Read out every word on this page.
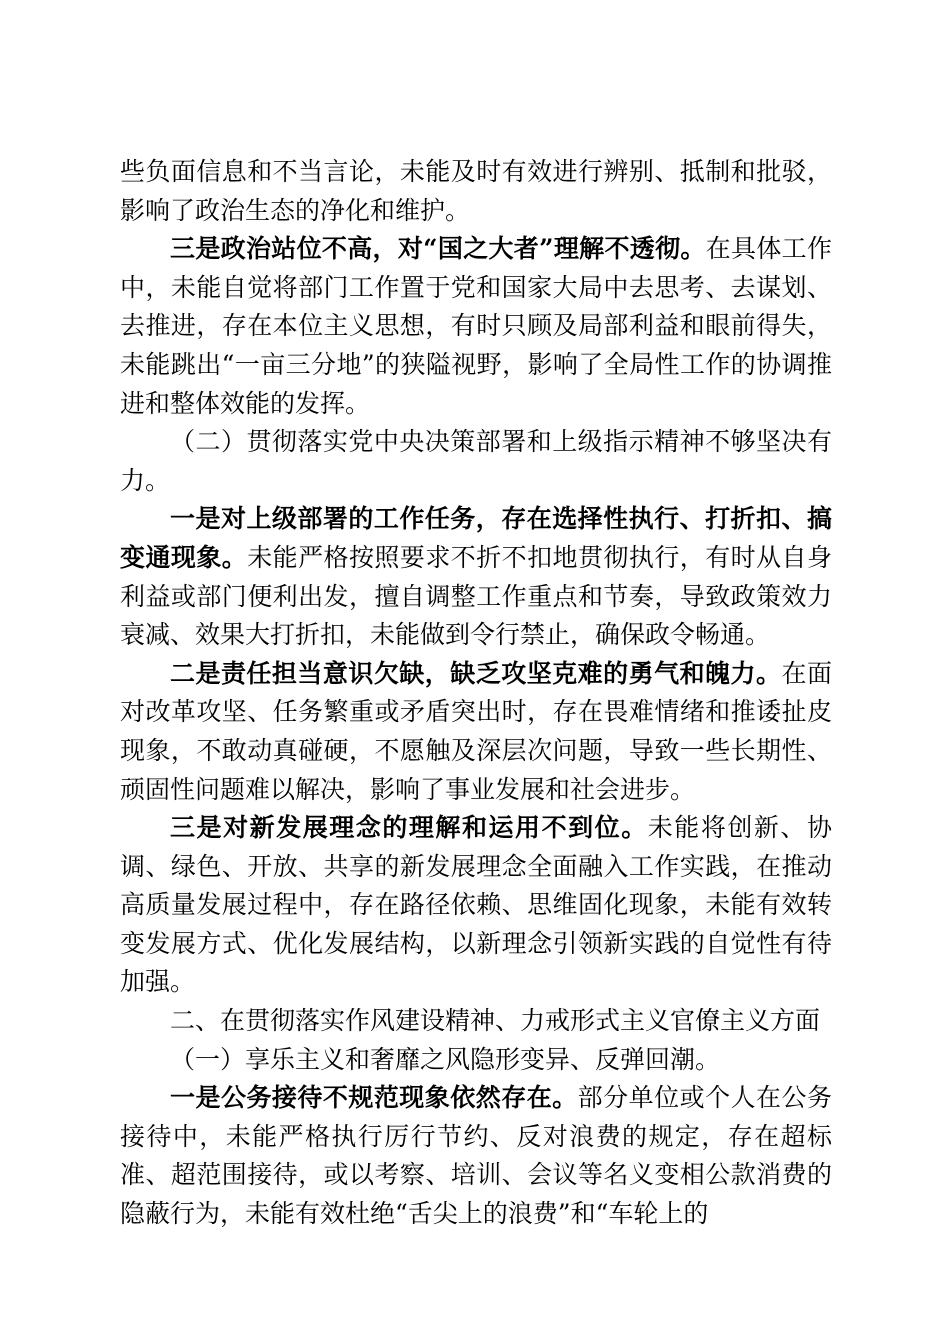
些负面信息和不当言论，未能及时有效进行辨别、抵制和批驳，影响了政治生态的净化和维护。

三是政治站位不高，对“国之大者”理解不透彻。在具体工作中，未能自觉将部门工作置于党和国家大局中去思考、去谋划、去推进，存在本位主义思想，有时只顾及局部利益和眼前得失，未能跳出“一亩三分地”的狭隘视野，影响了全局性工作的协调推进和整体效能的发挥。

（二）贯彻落实党中央决策部署和上级指示精神不够坚决有力。

一是对上级部署的工作任务，存在选择性执行、打折扣、搞变通现象。未能严格按照要求不折不扣地贯彻执行，有时从自身利益或部门便利出发，擅自调整工作重点和节奏，导致政策效力衰减、效果大打折扣，未能做到令行禁止，确保政令畅通。

二是责任担当意识欠缺，缺乏攻坚克难的勇气和魄力。在面对改革攻坚、任务繁重或矛盾突出时，存在畏难情绪和推诿扯皮现象，不敢动真碰硬，不愿触及深层次问题，导致一些长期性、顽固性问题难以解决，影响了事业发展和社会进步。

三是对新发展理念的理解和运用不到位。未能将创新、协调、绿色、开放、共享的新发展理念全面融入工作实践，在推动高质量发展过程中，存在路径依赖、思维固化现象，未能有效转变发展方式、优化发展结构，以新理念引领新实践的自觉性有待加强。

二、在贯彻落实作风建设精神、力戒形式主义官僚主义方面

（一）享乐主义和奢靡之风隐形变异、反弹回潮。

一是公务接待不规范现象依然存在。部分单位或个人在公务接待中，未能严格执行厉行节约、反对浪费的规定，存在超标准、超范围接待，或以考察、培训、会议等名义变相公款消费的隐蔽行为，未能有效杜绝“舌尖上的浪费”和“车轮上的
